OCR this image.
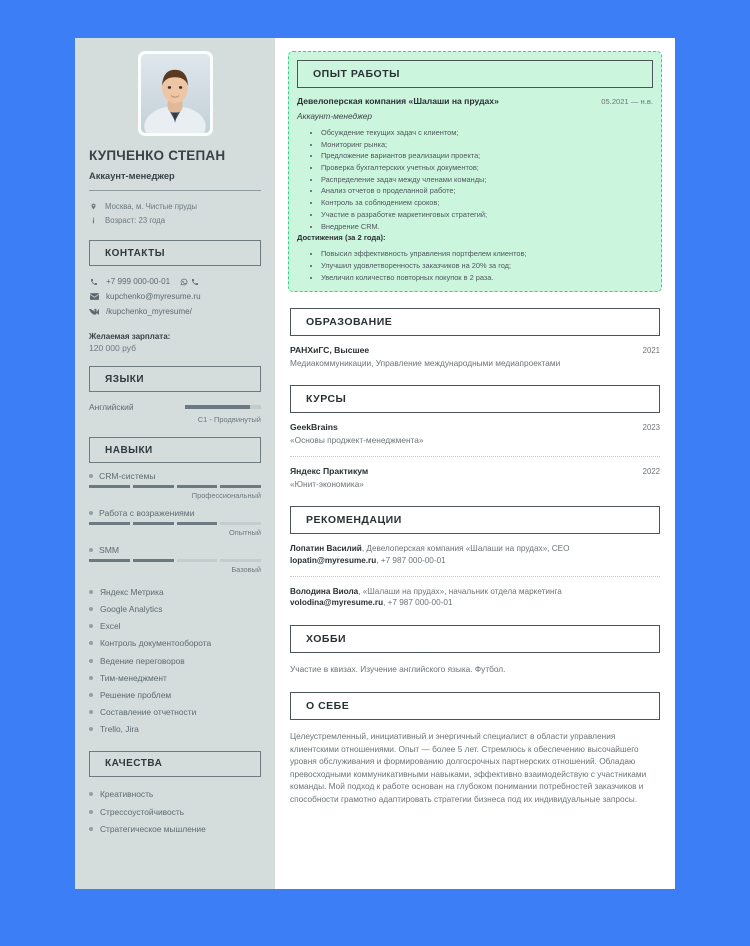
КУПЧЕНКО СТЕПАН
Аккаунт-менеджер
Москва, м. Чистые пруды
Возраст: 23 года
КОНТАКТЫ
+7 999 000-00-01
kupchenko@myresume.ru
/kupchenko_myresume/
Желаемая зарплата:
120 000 руб
ЯЗЫКИ
Английский
C1 - Продвинутый
НАВЫКИ
CRM-системы
Профессиональный
Работа с возражениями
Опытный
SMM
Базовый
Яндекс Метрика
Google Analytics
Excel
Контроль документооборота
Ведение переговоров
Тим-менеджмент
Решение проблем
Составление отчетности
Trello, Jira
КАЧЕСТВА
Креативность
Стрессоустойчивость
Стратегическое мышление
ОПЫТ РАБОТЫ
Девелоперская компания «Шалаши на прудах»	05.2021 — н.в.
Аккаунт-менеджер
• Обсуждение текущих задач с клиентом;
• Мониторинг рынка;
• Предложение вариантов реализации проекта;
• Проверка бухгалтерских учетных документов;
• Распределение задач между членами команды;
• Анализ отчетов о проделанной работе;
• Контроль за соблюдением сроков;
• Участие в разработке маркетинговых стратегий;
• Внедрение CRM.
Достижения (за 2 года):
• Повысил эффективность управления портфелем клиентов;
• Улучшил удовлетворенность заказчиков на 20% за год;
• Увеличил количество повторных покупок в 2 раза.
ОБРАЗОВАНИЕ
РАНХиГС, Высшее	2021
Медиакоммуникации, Управление международными медиапроектами
КУРСЫ
GeekBrains	2023
«Основы проджект-менеджмента»
Яндекс Практикум	2022
«Юнит-экономика»
РЕКОМЕНДАЦИИ
Лопатин Василий, Девелоперская компания «Шалаши на прудах», CEO
lopatin@myresume.ru, +7 987 000-00-01
Володина Виола, «Шалаши на прудах», начальник отдела маркетинга
volodina@myresume.ru, +7 987 000-00-01
ХОББИ
Участие в квизах. Изучение английского языка. Футбол.
О СЕБЕ
Целеустремленный, инициативный и энергичный специалист в области управления клиентскими отношениями. Опыт — более 5 лет. Стремлюсь к обеспечению высочайшего уровня обслуживания и формированию долгосрочных партнерских отношений. Обладаю превосходными коммуникативными навыками, эффективно взаимодействую с участниками команды. Мой подход к работе основан на глубоком понимании потребностей заказчиков и способности грамотно адаптировать стратегии бизнеса под их индивидуальные запросы.
